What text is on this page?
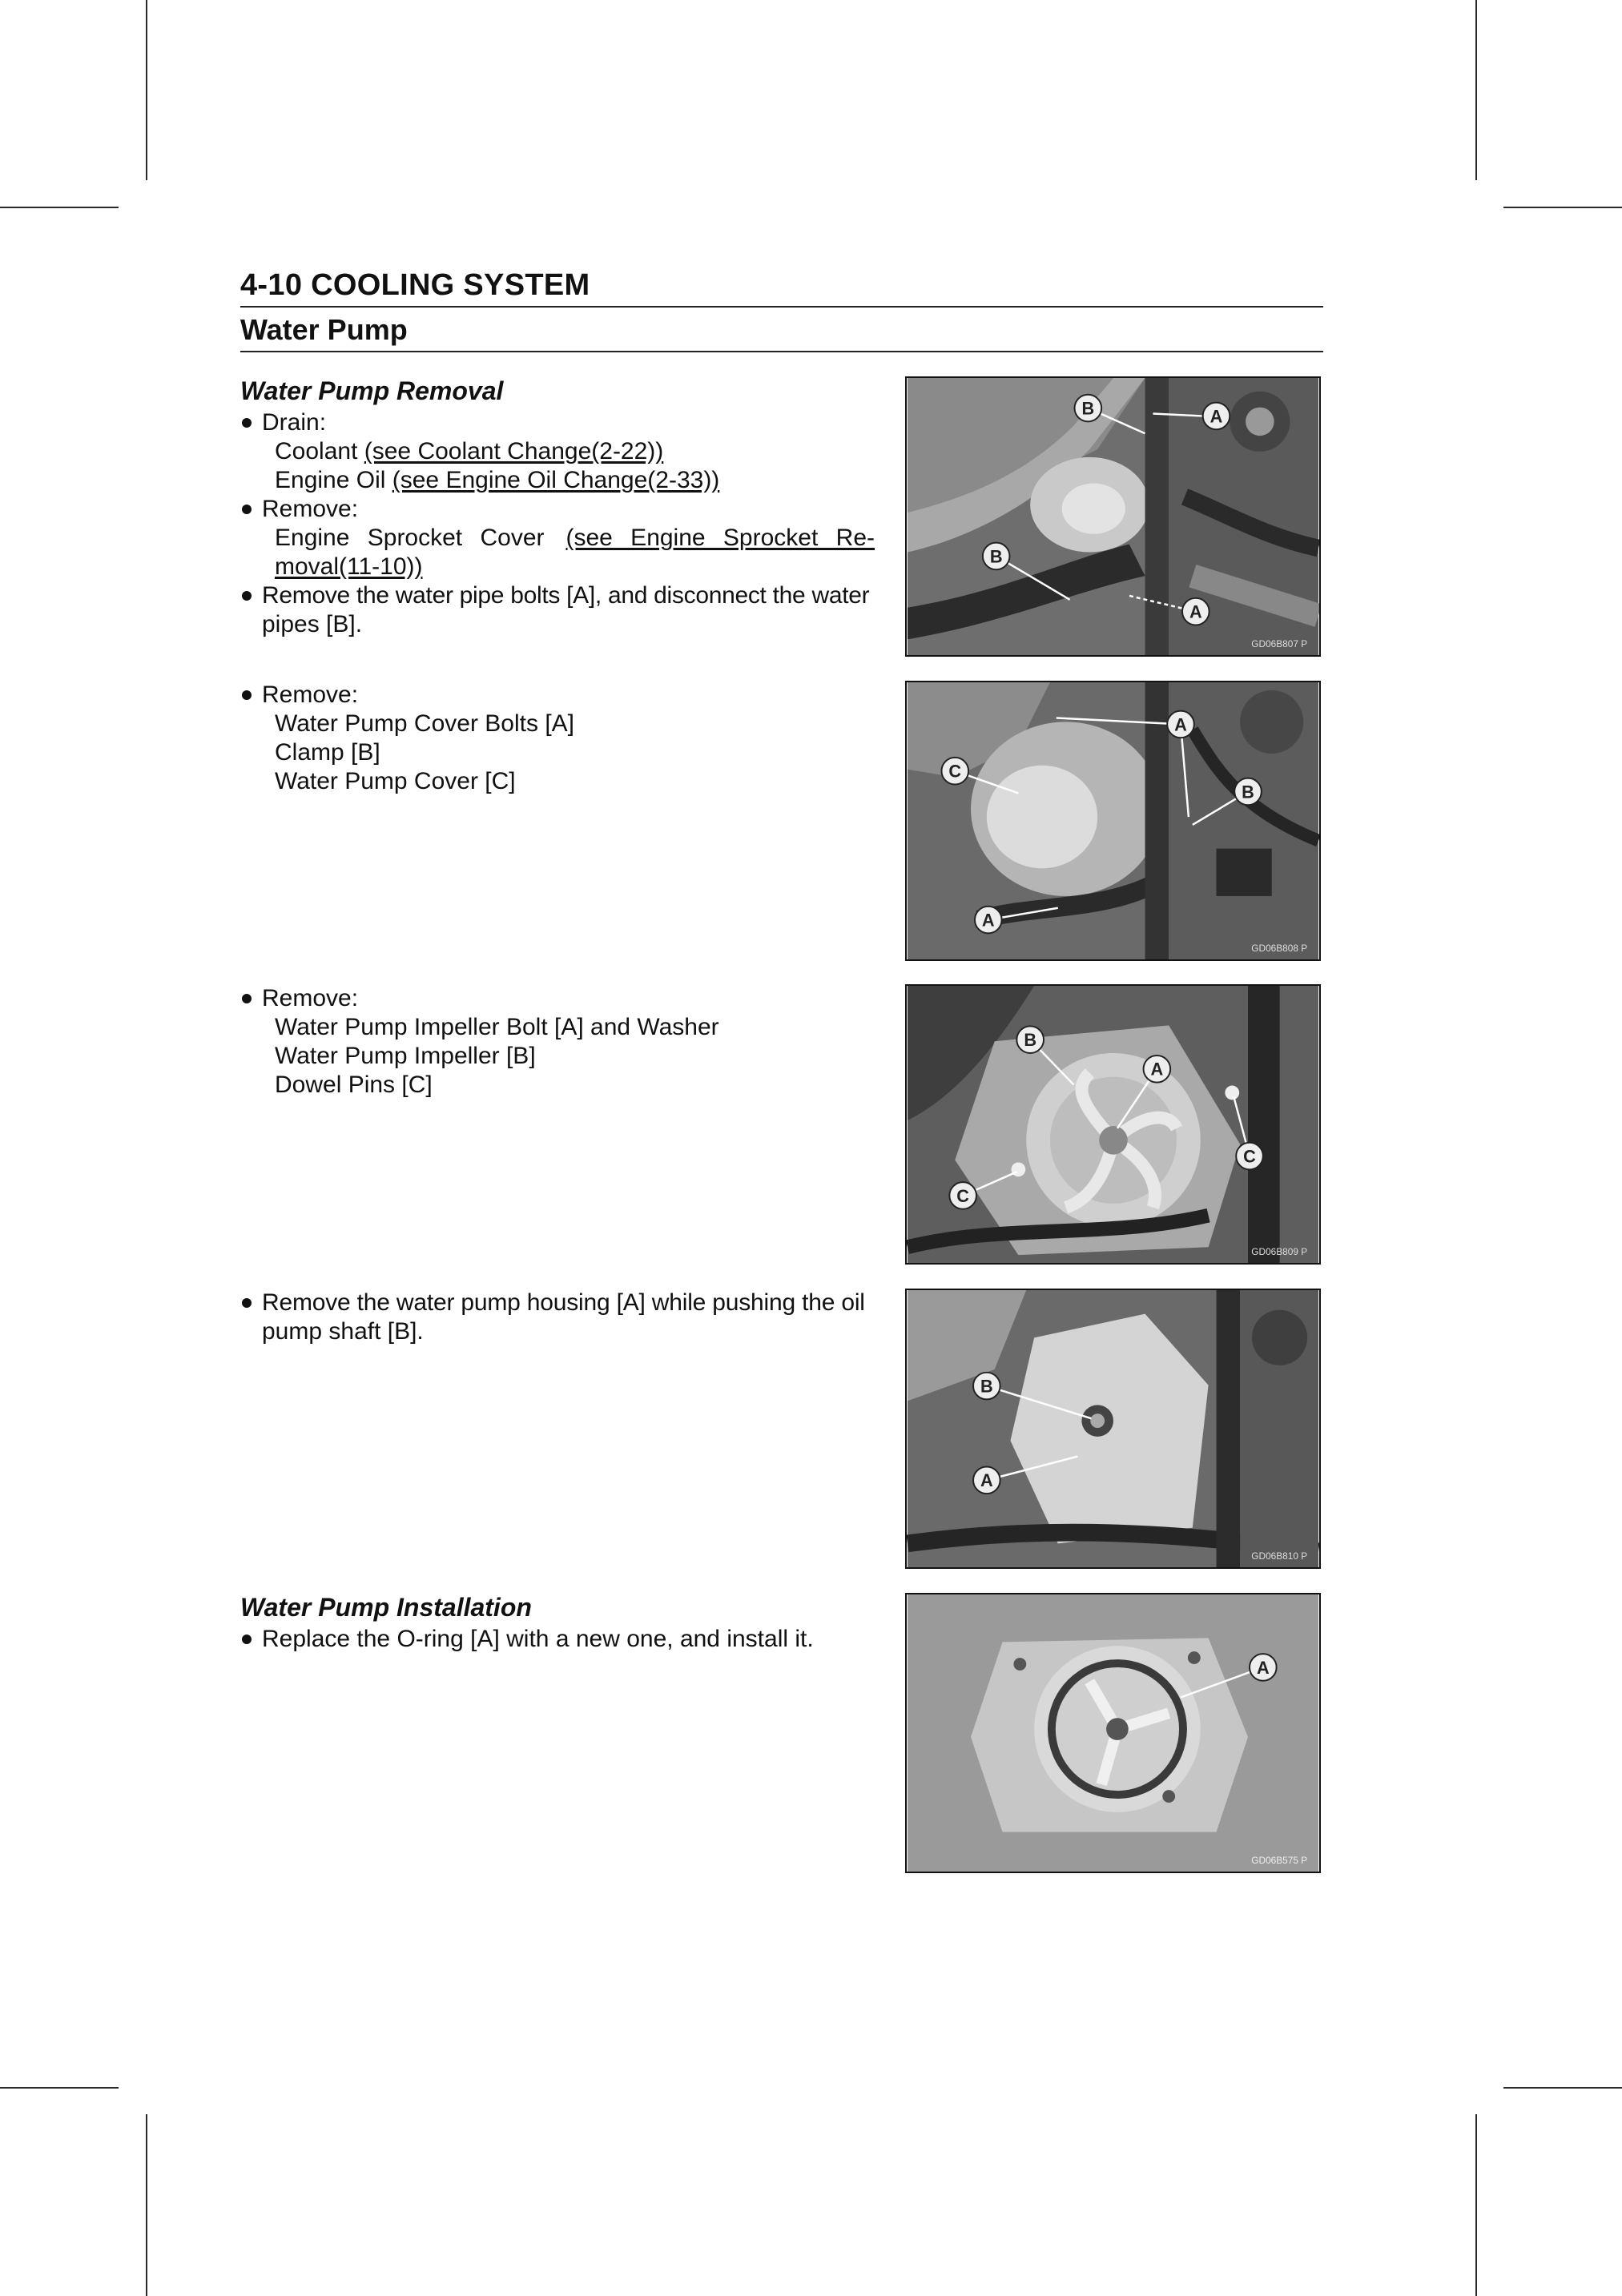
4-10 COOLING SYSTEM
Water Pump
Water Pump Removal
Drain:
Coolant (see Coolant Change(2-22))
Engine Oil (see Engine Oil Change(2-33))
Remove:
Engine Sprocket Cover (see Engine Sprocket Re-
moval(11-10))
Remove the water pipe bolts [A], and disconnect the water
pipes [B].
B	A
B
A
GD06B807 P
Remove:
Water Pump Cover Bolts [A]
Clamp [B]
Water Pump Cover [C]
A
C
B
A
GD06B808 P
Remove:
Water Pump Impeller Bolt [A] and Washer
Water Pump Impeller [B]
Dowel Pins [C]
B
A
C
C
GD06B809 P
Remove the water pump housing [A] while pushing the oil
pump shaft [B].
B
A
GD06B810 P
Water Pump Installation
Replace the O-ring [A] with a new one, and install it.
A
GD06B575 P
